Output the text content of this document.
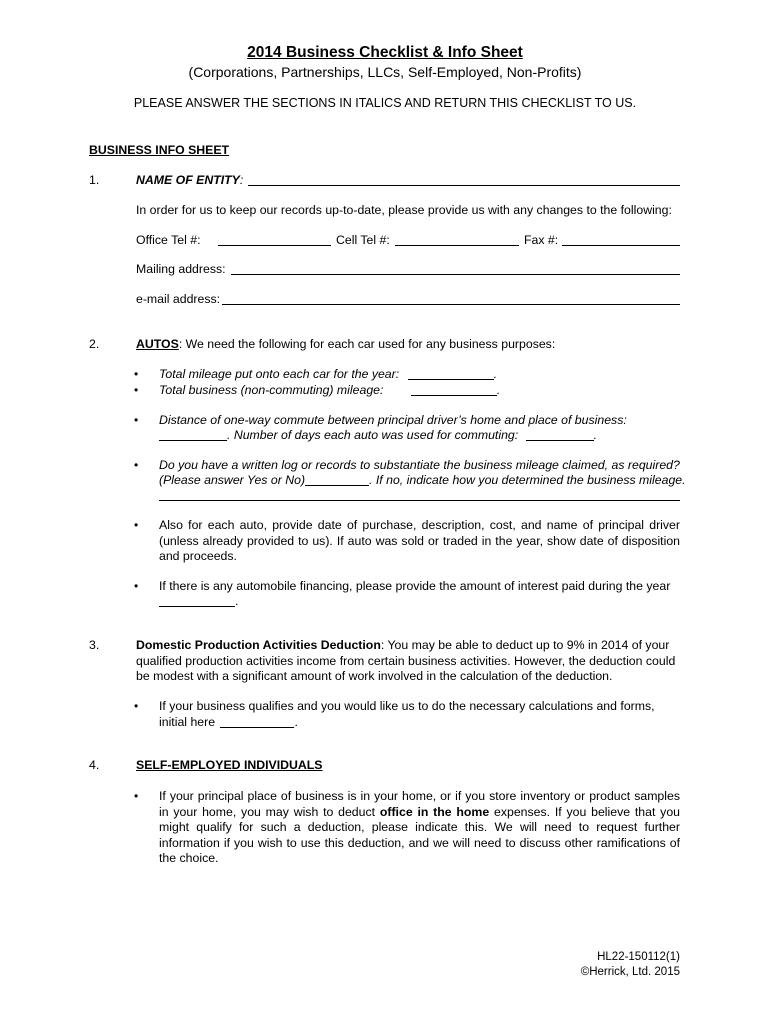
2014 Business Checklist & Info Sheet
(Corporations, Partnerships, LLCs, Self-Employed, Non-Profits)
PLEASE ANSWER THE SECTIONS IN ITALICS AND RETURN THIS CHECKLIST TO US.
BUSINESS INFO SHEET
1.	NAME OF ENTITY:
In order for us to keep our records up-to-date, please provide us with any changes to the following:
Office Tel #:	Cell Tel #:	Fax #:
Mailing address:
e-mail address:
2.	AUTOS: We need the following for each car used for any business purposes:
• Total mileage put onto each car for the year:	.
• Total business (non-commuting) mileage:	.
• Distance of one-way commute between principal driver’s home and place of business:
. Number of days each auto was used for commuting:	.
• Do you have a written log or records to substantiate the business mileage claimed, as required?
(Please answer Yes or No)	. If no, indicate how you determined the business mileage.
• Also for each auto, provide date of purchase, description, cost, and name of principal driver (unless already provided to us). If auto was sold or traded in the year, show date of disposition and proceeds.
• If there is any automobile financing, please provide the amount of interest paid during the year
.
3.	Domestic Production Activities Deduction: You may be able to deduct up to 9% in 2014 of your qualified production activities income from certain business activities. However, the deduction could be modest with a significant amount of work involved in the calculation of the deduction.
• If your business qualifies and you would like us to do the necessary calculations and forms, initial here	.
4.	SELF-EMPLOYED INDIVIDUALS
• If your principal place of business is in your home, or if you store inventory or product samples in your home, you may wish to deduct office in the home expenses. If you believe that you might qualify for such a deduction, please indicate this. We will need to request further information if you wish to use this deduction, and we will need to discuss other ramifications of the choice.
HL22-150112(1)
©Herrick, Ltd. 2015
